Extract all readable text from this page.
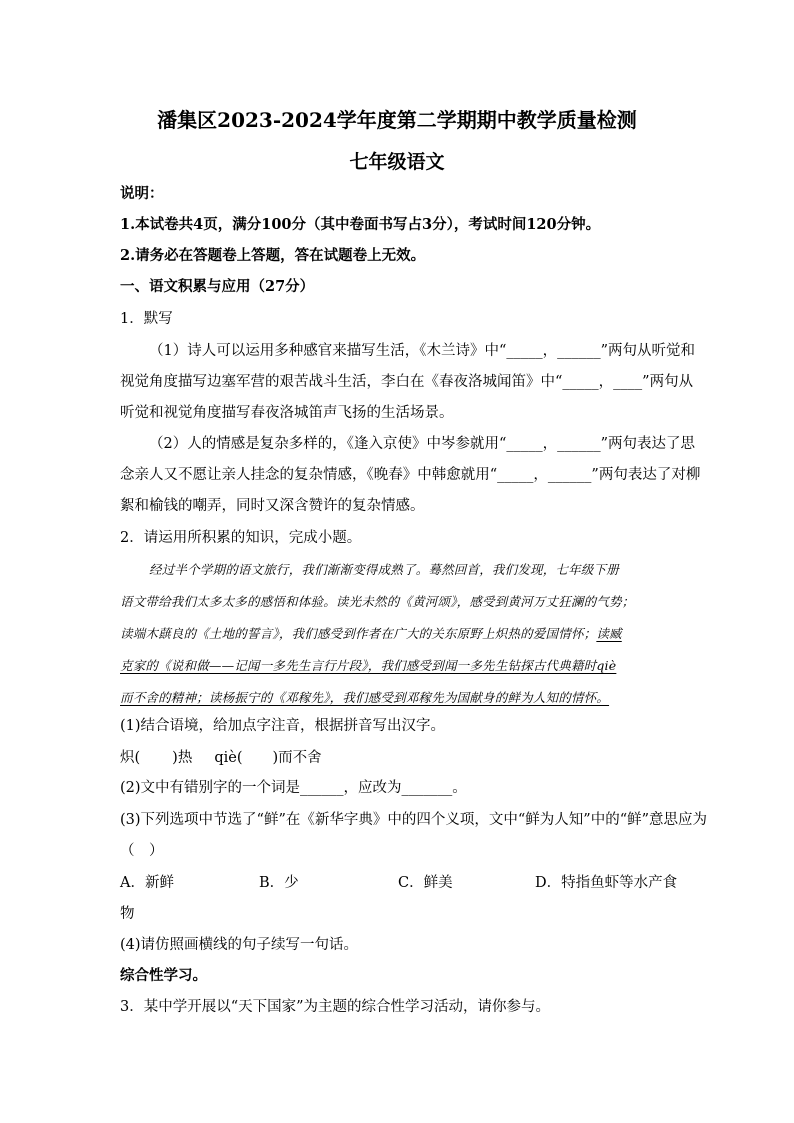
潘集区2023-2024学年度第二学期期中教学质量检测
七年级语文
说明：
1.本试卷共4页，满分100分（其中卷面书写占3分），考试时间120分钟。
2.请务必在答题卷上答题，答在试题卷上无效。
一、语文积累与应用（27分）
1．默写
（1）诗人可以运用多种感官来描写生活，《木兰诗》中“_____，______”两句从听觉和
视觉角度描写边塞军营的艰苦战斗生活，李白在《春夜洛城闻笛》中“_____，____”两句从
听觉和视觉角度描写春夜洛城笛声飞扬的生活场景。
（2）人的情感是复杂多样的，《逢入京使》中岑参就用“_____，______”两句表达了思
念亲人又不愿让亲人挂念的复杂情感，《晚春》中韩愈就用“_____，______”两句表达了对柳
絮和榆钱的嘲弄，同时又深含赞许的复杂情感。
2．请运用所积累的知识，完成小题。
经过半个学期的语文旅行，我们渐渐变得成熟了。蓦然回首，我们发现，七年级下册
语文带给我们太多太多的感悟和体验。读光未然的《黄河颂》，感受到黄河万丈狂澜的气势；
读端木蕻良的《土地的誓言》，我们感受到作者在广大的关东原野上炽热的爱国情怀；读臧
克家的《说和做——记闻一多先生言行片段》，我们感受到闻一多先生钻探古代典籍时qiè
而不舍的精神；读杨振宁的《邓稼先》，我们感受到邓稼先为国献身的鲜为人知的情怀。
(1)结合语境，给加点字注音，根据拼音写出汉字。
炽( )热 qiè( )而不舍
(2)文中有错别字的一个词是______，应改为_______。
(3)下列选项中节选了“鲜”在《新华字典》中的四个义项，文中“鲜为人知”中的“鲜”意思应为
（　）
A．新鲜	B．少	C．鲜美	D．特指鱼虾等水产食
物
(4)请仿照画横线的句子续写一句话。
综合性学习。
3．某中学开展以“天下国家”为主题的综合性学习活动，请你参与。
